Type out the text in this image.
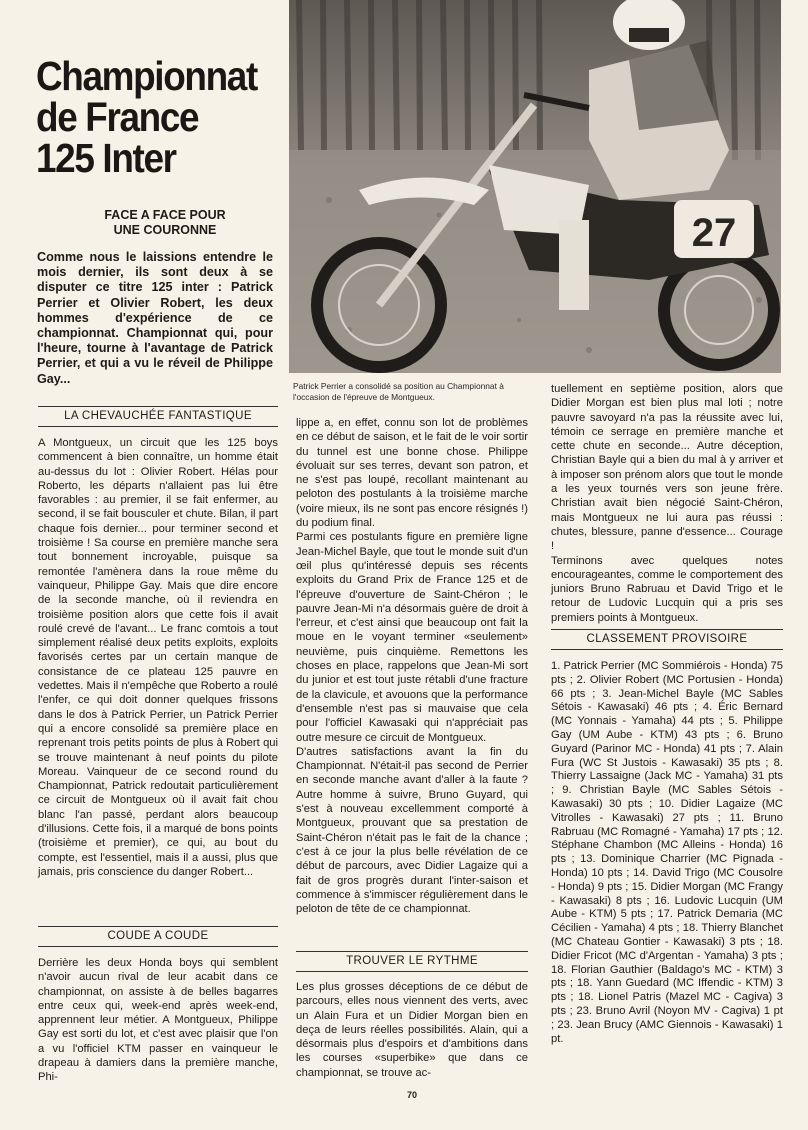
Championnat
de France
125 Inter
FACE A FACE POUR
UNE COURONNE

Comme nous le laissions entendre le mois dernier, ils sont deux à se disputer ce titre 125 inter : Patrick Perrier et Olivier Robert, les deux hommes d'expérience de ce championnat. Championnat qui, pour l'heure, tourne à l'avantage de Patrick Perrier, et qui a vu le réveil de Philippe Gay...

LA CHEVAUCHÉE FANTASTIQUE

A Montgueux, un circuit que les 125 boys commencent à bien connaître, un homme était au-dessus du lot : Olivier Robert. Hélas pour Roberto, les départs n'allaient pas lui être favorables : au premier, il se fait enfermer, au second, il se fait bousculer et chute. Bilan, il part chaque fois dernier... pour terminer second et troisième ! Sa course en première manche sera tout bonnement incroyable, puisque sa remontée l'amènera dans la roue même du vainqueur, Philippe Gay. Mais que dire encore de la seconde manche, où il reviendra en troisième position alors que cette fois il avait roulé crevé de l'avant... Le franc comtois a tout simplement réalisé deux petits exploits, exploits favorisés certes par un certain manque de consistance de ce plateau 125 pauvre en vedettes. Mais il n'empêche que Roberto a roulé l'enfer, ce qui doit donner quelques frissons dans le dos à Patrick Perrier, un Patrick Perrier qui a encore consolidé sa première place en reprenant trois petits points de plus à Robert qui se trouve maintenant à neuf points du pilote Moreau. Vainqueur de ce second round du Championnat, Patrick redoutait particulièrement ce circuit de Montgueux où il avait fait chou blanc l'an passé, perdant alors beaucoup d'illusions. Cette fois, il a marqué de bons points (troisième et premier), ce qui, au bout du compte, est l'essentiel, mais il a aussi, plus que jamais, pris conscience du danger Robert...

COUDE A COUDE

Derrière les deux Honda boys qui semblent n'avoir aucun rival de leur acabit dans ce championnat, on assiste à de belles bagarres entre ceux qui, week-end après week-end, apprennent leur métier. A Montgueux, Philippe Gay est sorti du lot, et c'est avec plaisir que l'on a vu l'officiel KTM passer en vainqueur le drapeau à damiers dans la première manche, Phi-

27

Patrick Perrier a consolidé sa position au Championnat à l'occasion de l'épreuve de Montgueux.

lippe a, en effet, connu son lot de problèmes en ce début de saison, et le fait de le voir sortir du tunnel est une bonne chose. Philippe évoluait sur ses terres, devant son patron, et ne s'est pas loupé, recollant maintenant au peloton des postulants à la troisième marche (voire mieux, ils ne sont pas encore résignés !) du podium final.
Parmi ces postulants figure en première ligne Jean-Michel Bayle, que tout le monde suit d'un œil plus qu'intéressé depuis ses récents exploits du Grand Prix de France 125 et de l'épreuve d'ouverture de Saint-Chéron ; le pauvre Jean-Mi n'a désormais guère de droit à l'erreur, et c'est ainsi que beaucoup ont fait la moue en le voyant terminer «seulement» neuvième, puis cinquième. Remettons les choses en place, rappelons que Jean-Mi sort du junior et est tout juste rétabli d'une fracture de la clavicule, et avouons que la performance d'ensemble n'est pas si mauvaise que cela pour l'officiel Kawasaki qui n'appréciait pas outre mesure ce circuit de Montgueux.
D'autres satisfactions avant la fin du Championnat. N'était-il pas second de Perrier en seconde manche avant d'aller à la faute ? Autre homme à suivre, Bruno Guyard, qui s'est à nouveau excellemment comporté à Montgueux, prouvant que sa prestation de Saint-Chéron n'était pas le fait de la chance ; c'est à ce jour la plus belle révélation de ce début de parcours, avec Didier Lagaize qui a fait de gros progrès durant l'inter-saison et commence à s'immiscer régulièrement dans le peloton de tête de ce championnat.

TROUVER LE RYTHME

Les plus grosses déceptions de ce début de parcours, elles nous viennent des verts, avec un Alain Fura et un Didier Morgan bien en deça de leurs réelles possibilités. Alain, qui a désormais plus d'espoirs et d'ambitions dans les courses «superbike» que dans ce championnat, se trouve ac-

tuellement en septième position, alors que Didier Morgan est bien plus mal loti ; notre pauvre savoyard n'a pas la réussite avec lui, témoin ce serrage en première manche et cette chute en seconde... Autre déception, Christian Bayle qui a bien du mal à y arriver et à imposer son prénom alors que tout le monde a les yeux tournés vers son jeune frère. Christian avait bien négocié Saint-Chéron, mais Montgueux ne lui aura pas réussi : chutes, blessure, panne d'essence... Courage !
Terminons avec quelques notes encourageantes, comme le comportement des juniors Bruno Rabruau et David Trigo et le retour de Ludovic Lucquin qui a pris ses premiers points à Montgueux.

CLASSEMENT PROVISOIRE

1. Patrick Perrier (MC Sommiérois - Honda) 75 pts ; 2. Olivier Robert (MC Portusien - Honda) 66 pts ; 3. Jean-Michel Bayle (MC Sables Sétois - Kawasaki) 46 pts ; 4. Éric Bernard (MC Yonnais - Yamaha) 44 pts ; 5. Philippe Gay (UM Aube - KTM) 43 pts ; 6. Bruno Guyard (Parinor MC - Honda) 41 pts ; 7. Alain Fura (WC St Justois - Kawasaki) 35 pts ; 8. Thierry Lassaigne (Jack MC - Yamaha) 31 pts ; 9. Christian Bayle (MC Sables Sétois - Kawasaki) 30 pts ; 10. Didier Lagaize (MC Vitrolles - Kawasaki) 27 pts ; 11. Bruno Rabruau (MC Romagné - Yamaha) 17 pts ; 12. Stéphane Chambon (MC Alleins - Honda) 16 pts ; 13. Dominique Charrier (MC Pignada - Honda) 10 pts ; 14. David Trigo (MC Cousolre - Honda) 9 pts ; 15. Didier Morgan (MC Frangy - Kawasaki) 8 pts ; 16. Ludovic Lucquin (UM Aube - KTM) 5 pts ; 17. Patrick Demaria (MC Cécilien - Yamaha) 4 pts ; 18. Thierry Blanchet (MC Chateau Gontier - Kawasaki) 3 pts ; 18. Didier Fricot (MC d'Argentan - Yamaha) 3 pts ; 18. Florian Gauthier (Baldago's MC - KTM) 3 pts ; 18. Yann Guedard (MC Iffendic - KTM) 3 pts ; 18. Lionel Patris (Mazel MC - Cagiva) 3 pts ; 23. Bruno Avril (Noyon MV - Cagiva) 1 pt ; 23. Jean Brucy (AMC Giennois - Kawasaki) 1 pt.

70
